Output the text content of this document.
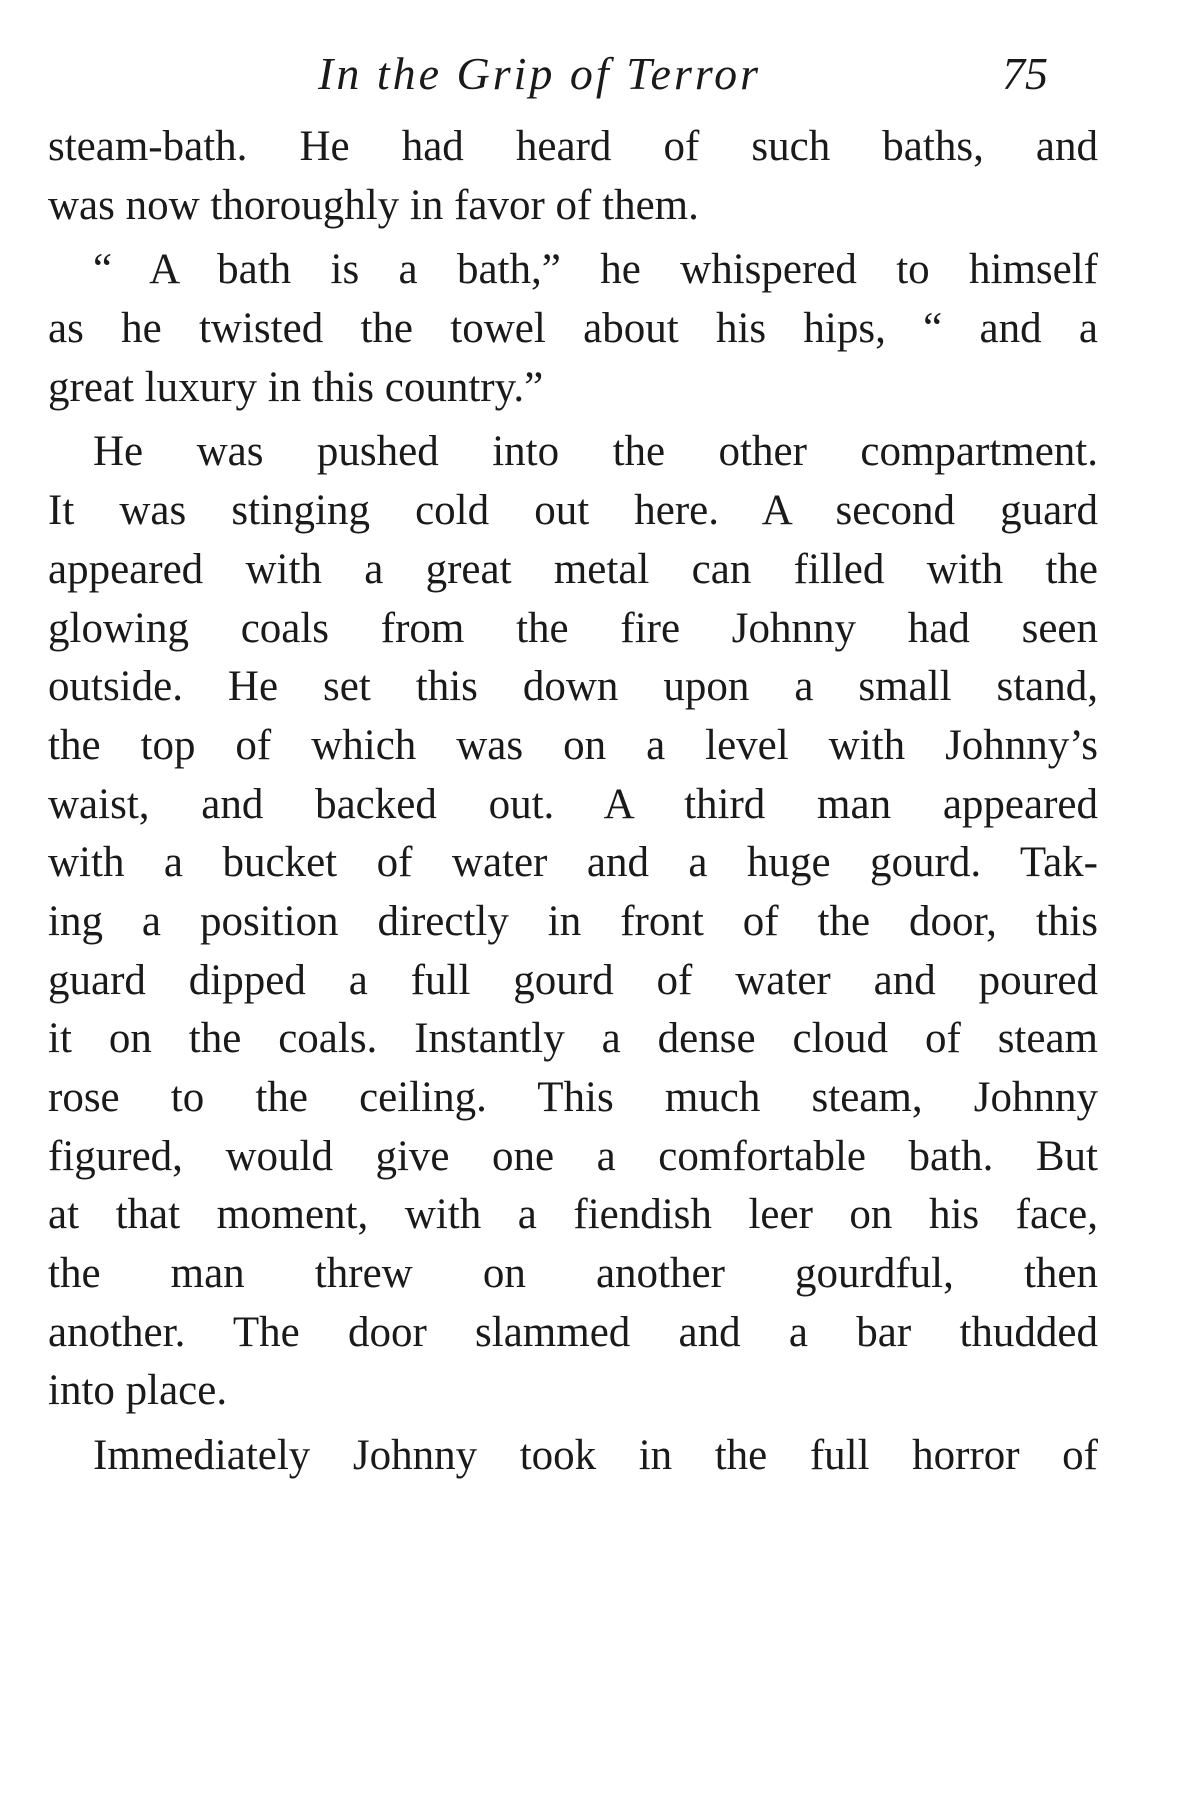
In the Grip of Terror	75
steam-bath. He had heard of such baths, and
was now thoroughly in favor of them.
“ A bath is a bath,” he whispered to himself
as he twisted the towel about his hips, “ and a
great luxury in this country.”
He was pushed into the other compartment.
It was stinging cold out here. A second guard
appeared with a great metal can filled with the
glowing coals from the fire Johnny had seen
outside. He set this down upon a small stand,
the top of which was on a level with Johnny’s
waist, and backed out. A third man appeared
with a bucket of water and a huge gourd. Tak-
ing a position directly in front of the door, this
guard dipped a full gourd of water and poured
it on the coals. Instantly a dense cloud of steam
rose to the ceiling. This much steam, Johnny
figured, would give one a comfortable bath. But
at that moment, with a fiendish leer on his face,
the man threw on another gourdful, then
another. The door slammed and a bar thudded
into place.
Immediately Johnny took in the full horror of
